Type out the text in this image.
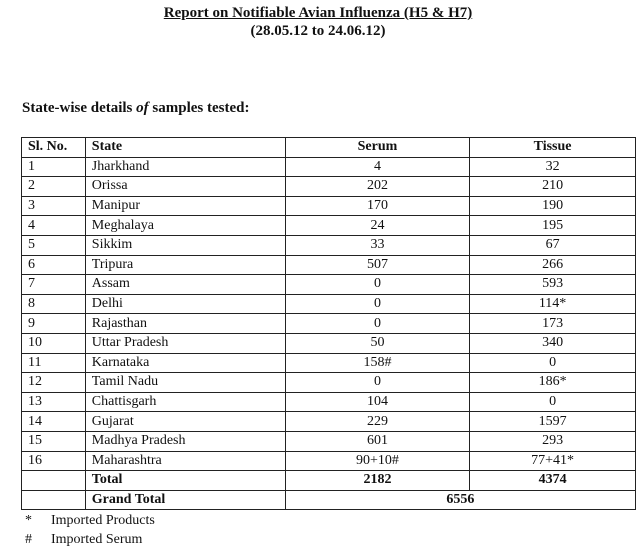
Report on Notifiable Avian Influenza (H5 & H7)
(28.05.12 to 24.06.12)
State-wise details of samples tested:
Sl. No.	State	Serum	Tissue
1	Jharkhand	4	32
2	Orissa	202	210
3	Manipur	170	190
4	Meghalaya	24	195
5	Sikkim	33	67
6	Tripura	507	266
7	Assam	0	593
8	Delhi	0	114*
9	Rajasthan	0	173
10	Uttar Pradesh	50	340
11	Karnataka	158#	0
12	Tamil Nadu	0	186*
13	Chattisgarh	104	0
14	Gujarat	229	1597
15	Madhya Pradesh	601	293
16	Maharashtra	90+10#	77+41*
	Total	2182	4374
	Grand Total	6556	
* Imported Products
# Imported Serum
